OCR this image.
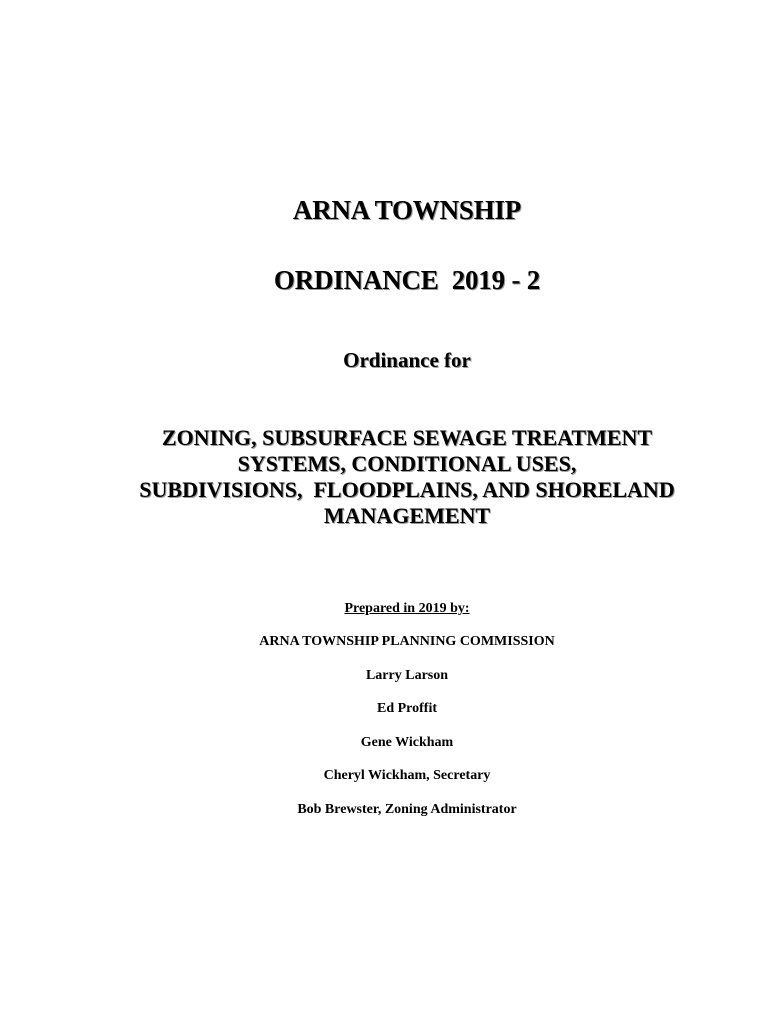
ARNA TOWNSHIP
ORDINANCE  2019 - 2
Ordinance for
ZONING, SUBSURFACE SEWAGE TREATMENT
SYSTEMS, CONDITIONAL USES,
SUBDIVISIONS,  FLOODPLAINS, AND SHORELAND
MANAGEMENT
Prepared in 2019 by:
ARNA TOWNSHIP PLANNING COMMISSION
Larry Larson
Ed Proffit
Gene Wickham
Cheryl Wickham, Secretary
Bob Brewster, Zoning Administrator
